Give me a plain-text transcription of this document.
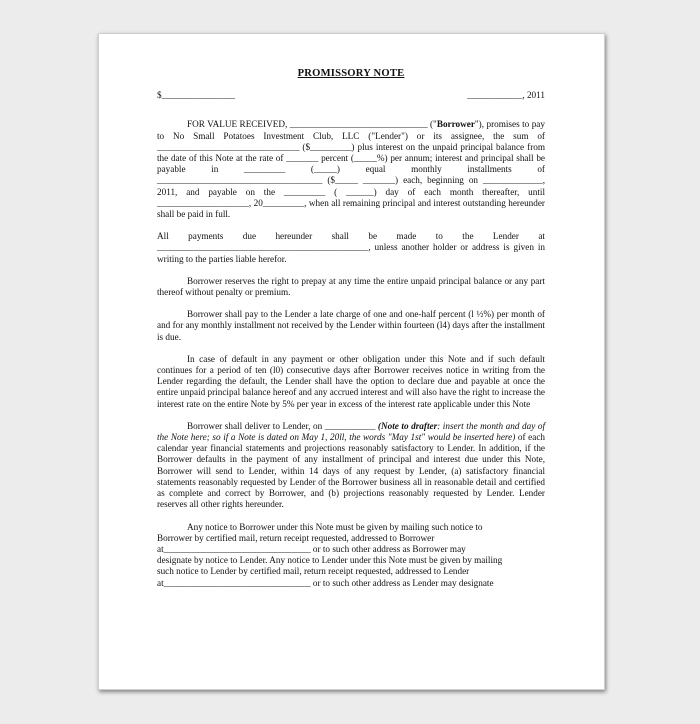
PROMISSORY NOTE
$________________	____________, 2011

FOR VALUE RECEIVED, ______________________________ ("Borrower"), promises to pay to No Small Potatoes Investment Club, LLC ("Lender") or its assignee, the sum of _______________________________ ($_________) plus interest on the unpaid principal balance from the date of this Note at the rate of _______ percent (_____%) per annum; interest and principal shall be payable in _________ (_____) equal monthly installments of ____________________________________ ($_____ _______) each, beginning on _____________, 2011, and payable on the _________ ( ______) day of each month thereafter, until ____________________, 20_________, when all remaining principal and interest outstanding hereunder shall be paid in full.

All payments due hereunder shall be made to the Lender at
______________________________________________, unless another holder or address is given in writing to the parties liable herefor.

Borrower reserves the right to prepay at any time the entire unpaid principal balance or any part thereof without penalty or premium.

Borrower shall pay to the Lender a late charge of one and one-half percent (l ½%) per month of and for any monthly installment not received by the Lender within fourteen (l4) days after the installment is due.

In case of default in any payment or other obligation under this Note and if such default continues for a period of ten (l0) consecutive days after Borrower receives notice in writing from the Lender regarding the default, the Lender shall have the option to declare due and payable at once the entire unpaid principal balance hereof and any accrued interest and will also have the right to increase the interest rate on the entire Note by 5% per year in excess of the interest rate applicable under this Note

Borrower shall deliver to Lender, on ___________ (Note to drafter: insert the month and day of the Note here; so if a Note is dated on May 1, 20ll, the words "May 1st" would be inserted here) of each calendar year financial statements and projections reasonably satisfactory to Lender. In addition, if the Borrower defaults in the payment of any installment of principal and interest due under this Note, Borrower will send to Lender, within 14 days of any request by Lender, (a) satisfactory financial statements reasonably requested by Lender of the Borrower business all in reasonable detail and certified as complete and correct by Borrower, and (b) projections reasonably requested by Lender. Lender reserves all other rights hereunder.

Any notice to Borrower under this Note must be given by mailing such notice to
Borrower by certified mail, return receipt requested, addressed to Borrower
at________________________________ or to such other address as Borrower may
designate by notice to Lender. Any notice to Lender under this Note must be given by mailing
such notice to Lender by certified mail, return receipt requested, addressed to Lender
at________________________________ or to such other address as Lender may designate
